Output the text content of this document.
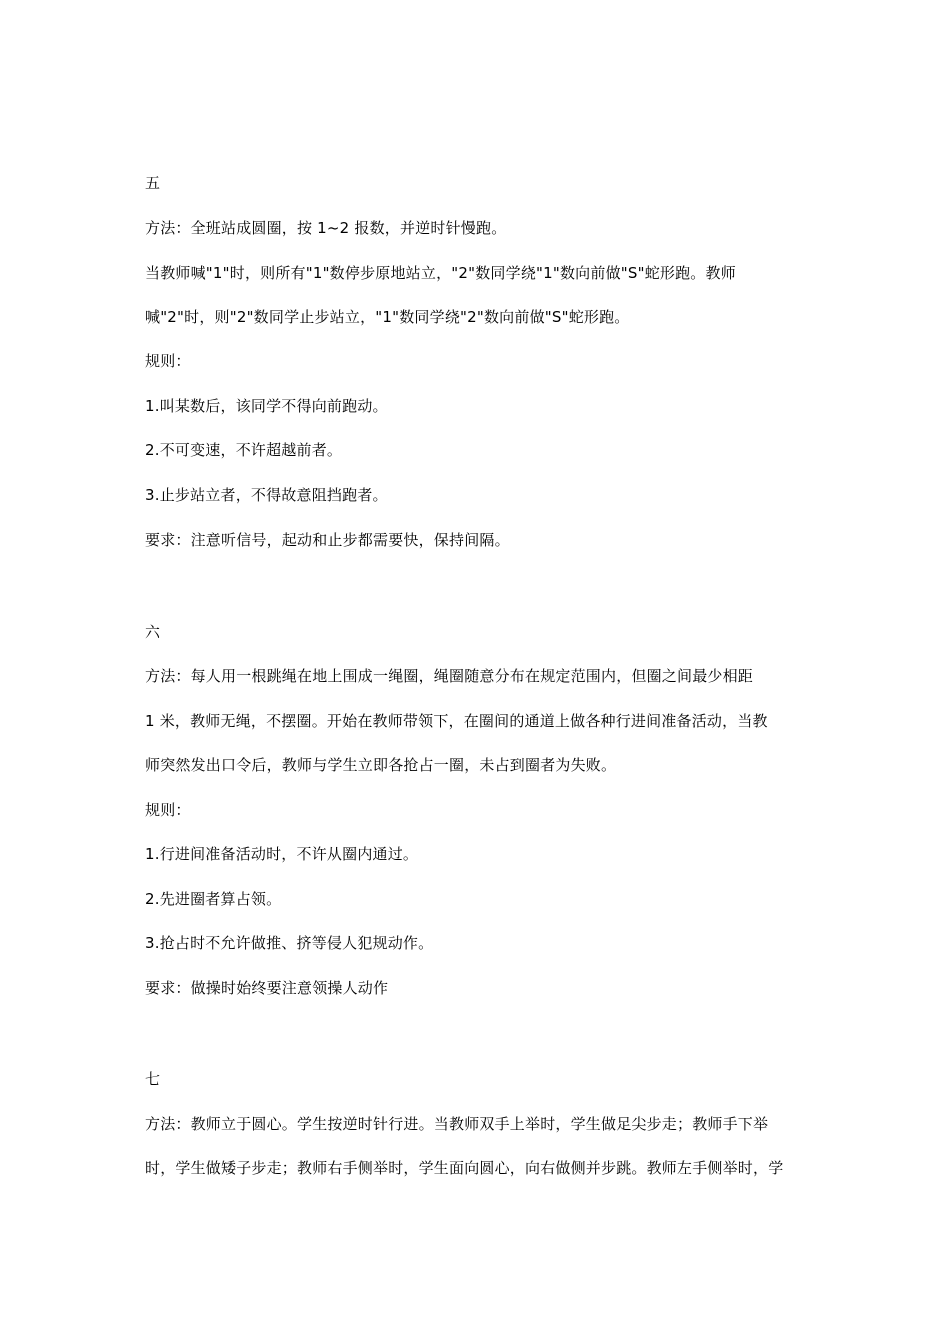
五
方法：全班站成圆圈，按 1~2 报数，并逆时针慢跑。
当教师喊"1"时，则所有"1"数停步原地站立，"2"数同学绕"1"数向前做"S"蛇形跑。教师
喊"2"时，则"2"数同学止步站立，"1"数同学绕"2"数向前做"S"蛇形跑。
规则：
1.叫某数后，该同学不得向前跑动。
2.不可变速，不许超越前者。
3.止步站立者，不得故意阻挡跑者。
要求：注意听信号，起动和止步都需要快，保持间隔。
六
方法：每人用一根跳绳在地上围成一绳圈，绳圈随意分布在规定范围内，但圈之间最少相距
1 米，教师无绳，不摆圈。开始在教师带领下，在圈间的通道上做各种行进间准备活动，当教
师突然发出口令后，教师与学生立即各抢占一圈，未占到圈者为失败。
规则：
1.行进间准备活动时，不许从圈内通过。
2.先进圈者算占领。
3.抢占时不允许做推、挤等侵人犯规动作。
要求：做操时始终要注意领操人动作
七
方法：教师立于圆心。学生按逆时针行进。当教师双手上举时，学生做足尖步走；教师手下举
时，学生做矮子步走；教师右手侧举时，学生面向圆心，向右做侧并步跳。教师左手侧举时，学
